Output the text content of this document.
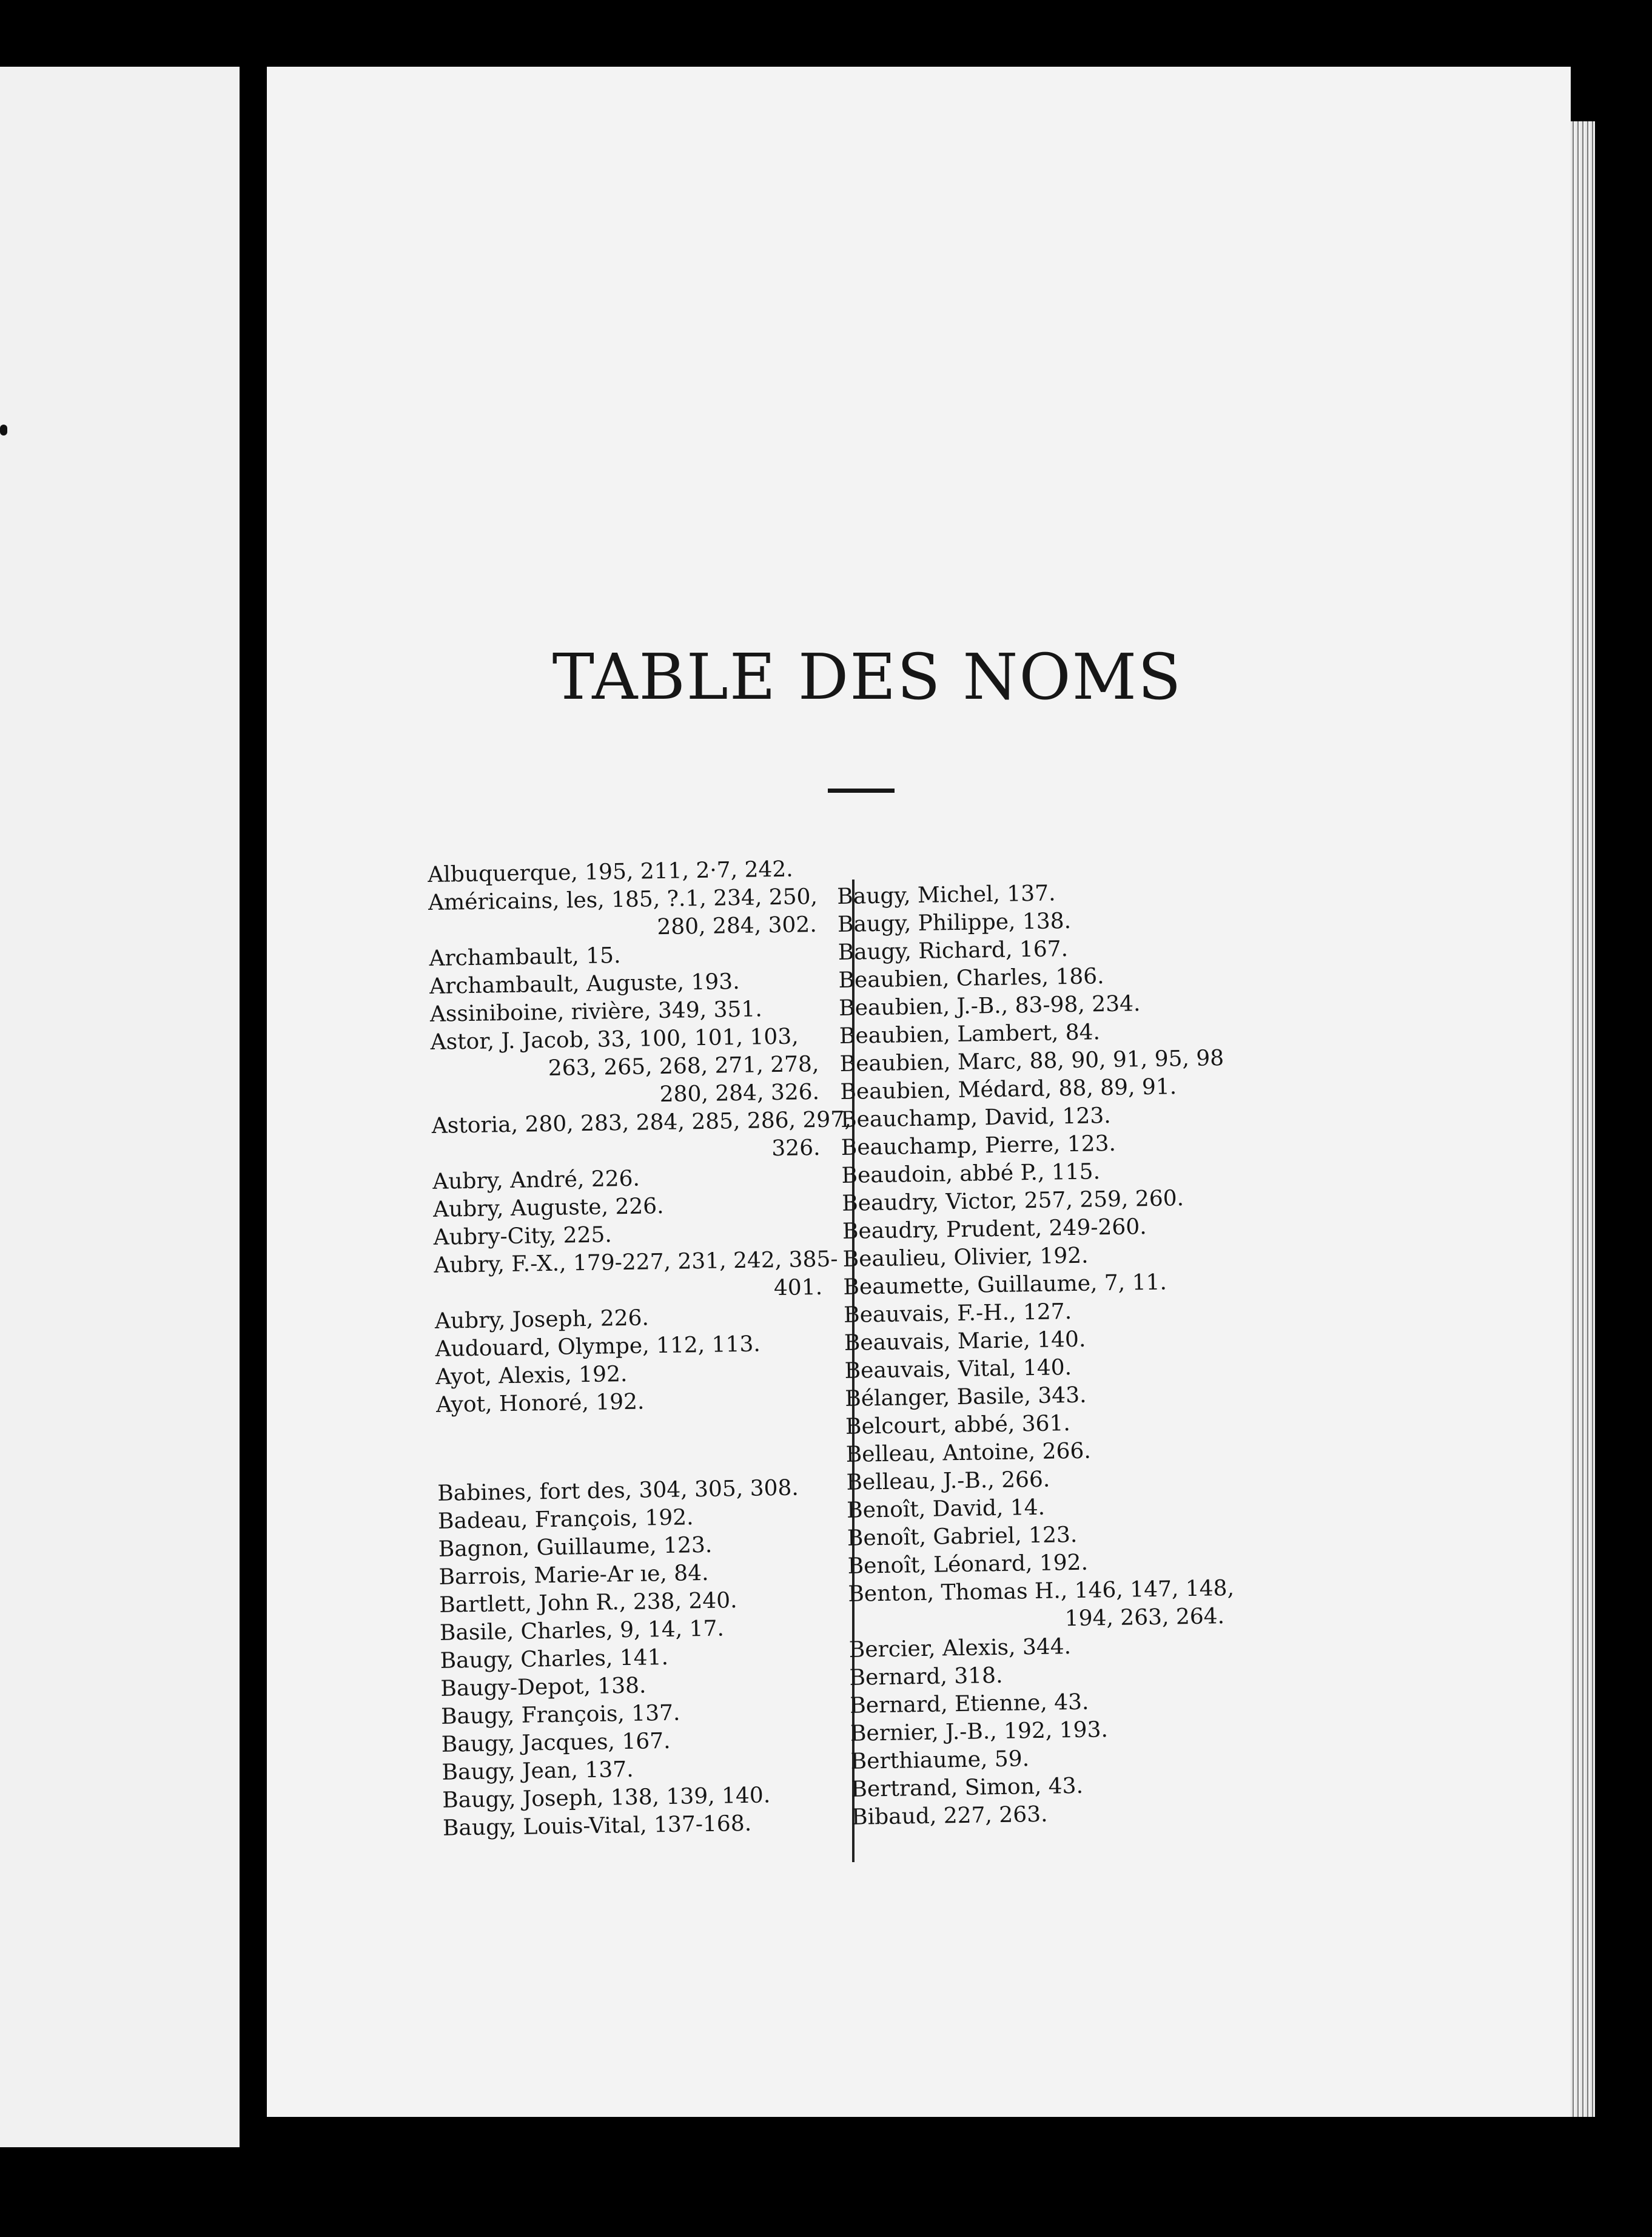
TABLE DES NOMS
Albuquerque, 195, 211, 2·7, 242.
Américains, les, 185, ?.1, 234, 250,
280, 284, 302.
Archambault, 15.
Archambault, Auguste, 193.
Assiniboine, rivière, 349, 351.
Astor, J. Jacob, 33, 100, 101, 103,
263, 265, 268, 271, 278,
280, 284, 326.
Astoria, 280, 283, 284, 285, 286, 297,
326.
Aubry, André, 226.
Aubry, Auguste, 226.
Aubry-City, 225.
Aubry, F.-X., 179-227, 231, 242, 385-
401.
Aubry, Joseph, 226.
Audouard, Olympe, 112, 113.
Ayot, Alexis, 192.
Ayot, Honoré, 192.
Babines, fort des, 304, 305, 308.
Badeau, François, 192.
Bagnon, Guillaume, 123.
Barrois, Marie-Ar ıe, 84.
Bartlett, John R., 238, 240.
Basile, Charles, 9, 14, 17.
Baugy, Charles, 141.
Baugy-Depot, 138.
Baugy, François, 137.
Baugy, Jacques, 167.
Baugy, Jean, 137.
Baugy, Joseph, 138, 139, 140.
Baugy, Louis-Vital, 137-168.
Baugy, Michel, 137.
Baugy, Philippe, 138.
Baugy, Richard, 167.
Beaubien, Charles, 186.
Beaubien, J.-B., 83-98, 234.
Beaubien, Lambert, 84.
Beaubien, Marc, 88, 90, 91, 95, 98
Beaubien, Médard, 88, 89, 91.
Beauchamp, David, 123.
Beauchamp, Pierre, 123.
Beaudoin, abbé P., 115.
Beaudry, Victor, 257, 259, 260.
Beaudry, Prudent, 249-260.
Beaulieu, Olivier, 192.
Beaumette, Guillaume, 7, 11.
Beauvais, F.-H., 127.
Beauvais, Marie, 140.
Beauvais, Vital, 140.
Bélanger, Basile, 343.
Belcourt, abbé, 361.
Belleau, Antoine, 266.
Belleau, J.-B., 266.
Benoît, David, 14.
Benoît, Gabriel, 123.
Benoît, Léonard, 192.
Benton, Thomas H., 146, 147, 148,
194, 263, 264.
Bercier, Alexis, 344.
Bernard, 318.
Bernard, Etienne, 43.
Bernier, J.-B., 192, 193.
Berthiaume, 59.
Bertrand, Simon, 43.
Bibaud, 227, 263.
